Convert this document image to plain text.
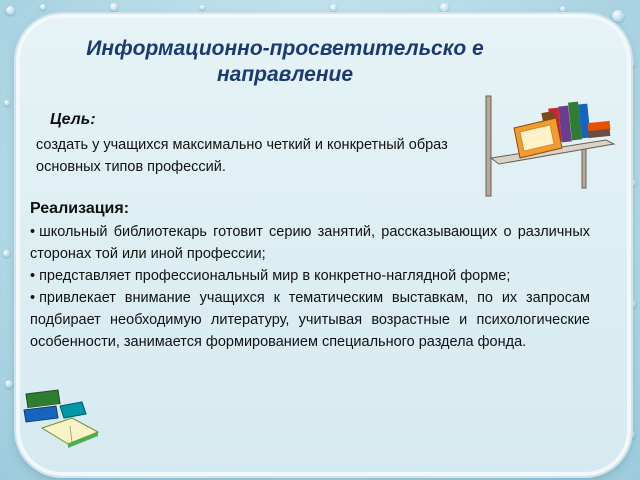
Информационно-просветительско е направление
Цель:
создать у учащихся максимально четкий и конкретный образ основных типов профессий.
Реализация:
• школьный библиотекарь готовит серию занятий, рассказывающих о различных сторонах той или иной профессии;
• представляет профессиональный мир в конкретно-наглядной форме;
• привлекает внимание учащихся к тематическим выставкам, по их запросам подбирает необходимую литературу, учитывая возрастные и психологические особенности, занимается формированием специального раздела фонда.
